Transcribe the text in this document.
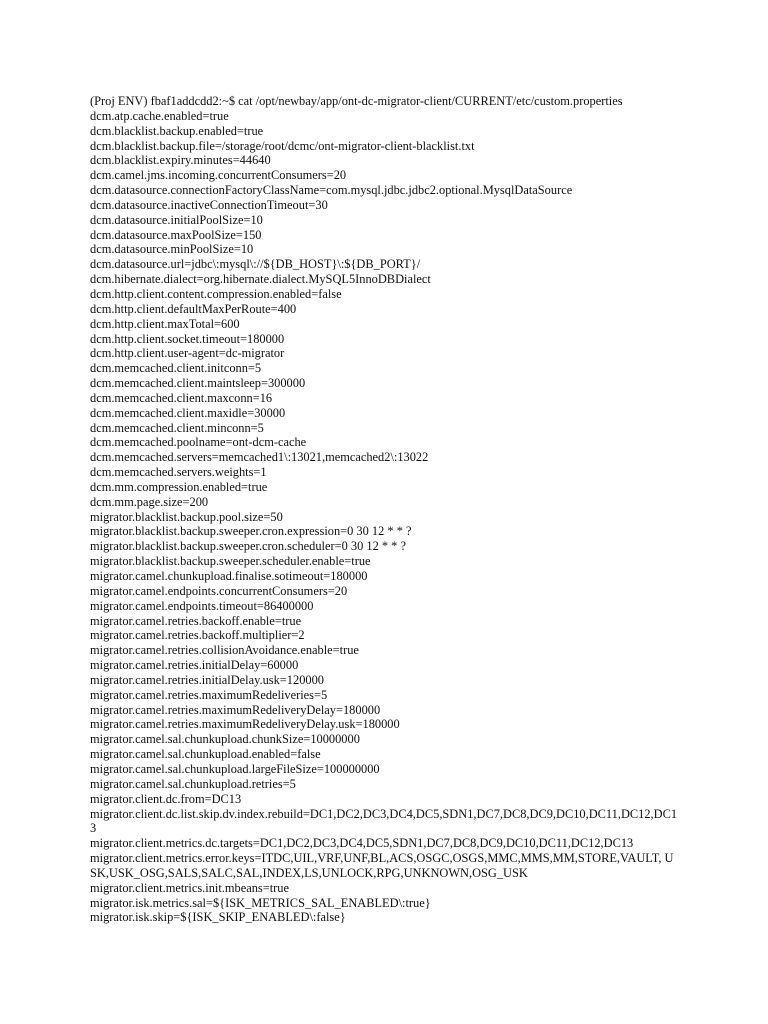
(Proj ENV) fbaf1addcdd2:~$ cat /opt/newbay/app/ont-dc-migrator-client/CURRENT/etc/custom.properties
dcm.atp.cache.enabled=true
dcm.blacklist.backup.enabled=true
dcm.blacklist.backup.file=/storage/root/dcmc/ont-migrator-client-blacklist.txt
dcm.blacklist.expiry.minutes=44640
dcm.camel.jms.incoming.concurrentConsumers=20
dcm.datasource.connectionFactoryClassName=com.mysql.jdbc.jdbc2.optional.MysqlDataSource
dcm.datasource.inactiveConnectionTimeout=30
dcm.datasource.initialPoolSize=10
dcm.datasource.maxPoolSize=150
dcm.datasource.minPoolSize=10
dcm.datasource.url=jdbc\:mysql\://${DB_HOST}\:${DB_PORT}/
dcm.hibernate.dialect=org.hibernate.dialect.MySQL5InnoDBDialect
dcm.http.client.content.compression.enabled=false
dcm.http.client.defaultMaxPerRoute=400
dcm.http.client.maxTotal=600
dcm.http.client.socket.timeout=180000
dcm.http.client.user-agent=dc-migrator
dcm.memcached.client.initconn=5
dcm.memcached.client.maintsleep=300000
dcm.memcached.client.maxconn=16
dcm.memcached.client.maxidle=30000
dcm.memcached.client.minconn=5
dcm.memcached.poolname=ont-dcm-cache
dcm.memcached.servers=memcached1\:13021,memcached2\:13022
dcm.memcached.servers.weights=1
dcm.mm.compression.enabled=true
dcm.mm.page.size=200
migrator.blacklist.backup.pool.size=50
migrator.blacklist.backup.sweeper.cron.expression=0 30 12 * * ?
migrator.blacklist.backup.sweeper.cron.scheduler=0 30 12 * * ?
migrator.blacklist.backup.sweeper.scheduler.enable=true
migrator.camel.chunkupload.finalise.sotimeout=180000
migrator.camel.endpoints.concurrentConsumers=20
migrator.camel.endpoints.timeout=86400000
migrator.camel.retries.backoff.enable=true
migrator.camel.retries.backoff.multiplier=2
migrator.camel.retries.collisionAvoidance.enable=true
migrator.camel.retries.initialDelay=60000
migrator.camel.retries.initialDelay.usk=120000
migrator.camel.retries.maximumRedeliveries=5
migrator.camel.retries.maximumRedeliveryDelay=180000
migrator.camel.retries.maximumRedeliveryDelay.usk=180000
migrator.camel.sal.chunkupload.chunkSize=10000000
migrator.camel.sal.chunkupload.enabled=false
migrator.camel.sal.chunkupload.largeFileSize=100000000
migrator.camel.sal.chunkupload.retries=5
migrator.client.dc.from=DC13
migrator.client.dc.list.skip.dv.index.rebuild=DC1,DC2,DC3,DC4,DC5,SDN1,DC7,DC8,DC9,DC10,DC11,DC12,DC13
migrator.client.metrics.dc.targets=DC1,DC2,DC3,DC4,DC5,SDN1,DC7,DC8,DC9,DC10,DC11,DC12,DC13
migrator.client.metrics.error.keys=ITDC,UIL,VRF,UNF,BL,ACS,OSGC,OSGS,MMC,MMS,MM,STORE,VAULT, USK,USK_OSG,SALS,SALC,SAL,INDEX,LS,UNLOCK,RPG,UNKNOWN,OSG_USK
migrator.client.metrics.init.mbeans=true
migrator.isk.metrics.sal=${ISK_METRICS_SAL_ENABLED\:true}
migrator.isk.skip=${ISK_SKIP_ENABLED\:false}
